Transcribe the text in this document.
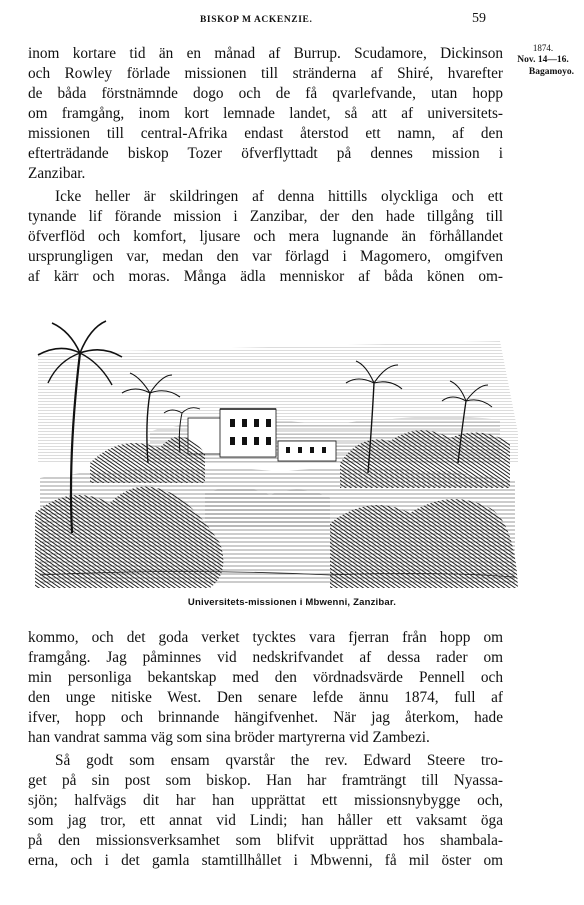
BISKOP M ACKENZIE.	59
1874.
Nov. 14—16.
Bagamoyo.
inom kortare tid än en månad af Burrup. Scudamore, Dickinson
och Rowley förlade missionen till stränderna af Shiré, hvarefter
de båda förstnämnde dogo och de få qvarlefvande, utan hopp
om framgång, inom kort lemnade landet, så att af universitets-
missionen till central-Afrika endast återstod ett namn, af den
efterträdande biskop Tozer öfverflyttadt på dennes mission i
Zanzibar.
Icke heller är skildringen af denna hittills olyckliga och ett
tynande lif förande mission i Zanzibar, der den hade tillgång till
öfverflöd och komfort, ljusare och mera lugnande än förhållandet
ursprungligen var, medan den var förlagd i Magomero, omgifven
af kärr och moras. Många ädla menniskor af båda könen om-
Universitets-missionen i Mbwenni, Zanzibar.
kommo, och det goda verket tycktes vara fjerran från hopp om
framgång. Jag påminnes vid nedskrifvandet af dessa rader om
min personliga bekantskap med den vördnadsvärde Pennell och
den unge nitiske West. Den senare lefde ännu 1874, full af
ifver, hopp och brinnande hängifvenhet. När jag återkom, hade
han vandrat samma väg som sina bröder martyrerna vid Zambezi.
Så godt som ensam qvarstår the rev. Edward Steere tro-
get på sin post som biskop. Han har framträngt till Nyassa-
sjön; halfvägs dit har han upprättat ett missionsnybygge och,
som jag tror, ett annat vid Lindi; han håller ett vaksamt öga
på den missionsverksamhet som blifvit upprättad hos shambala-
erna, och i det gamla stamtillhållet i Mbwenni, få mil öster om
